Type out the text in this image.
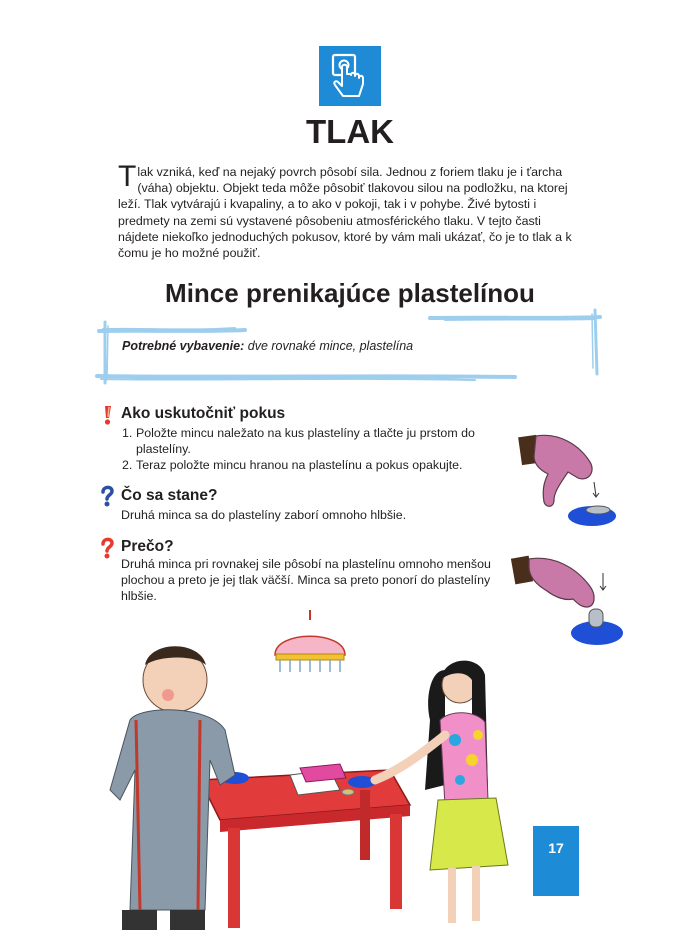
TLAK
Tlak vzniká, keď na nejaký povrch pôsobí sila. Jednou z foriem tlaku je i ťarcha (váha) objektu. Objekt teda môže pôsobiť tlakovou silou na podložku, na ktorej leží. Tlak vytvárajú i kvapaliny, a to ako v pokoji, tak i v pohybe. Živé bytosti i predmety na zemi sú vystavené pôsobeniu atmosférického tlaku. V tejto časti nájdete niekoľko jednoduchých pokusov, ktoré by vám mali ukázať, čo je to tlak a k čomu je ho možné použiť.
Mince prenikajúce plastelínou
Potrebné vybavenie: dve rovnaké mince, plastelína
Ako uskutočniť pokus
1. Položte mincu naležato na kus plastelíny a tlačte ju prstom do plastelíny.
2. Teraz položte mincu hranou na plastelínu a pokus opakujte.
Čo sa stane?
Druhá minca sa do plastelíny zaborí omnoho hlbšie.
Prečo?
Druhá minca pri rovnakej sile pôsobí na plastelínu omnoho menšou plochou a preto je jej tlak väčší. Minca sa preto ponorí do plastelíny hlbšie.
17
